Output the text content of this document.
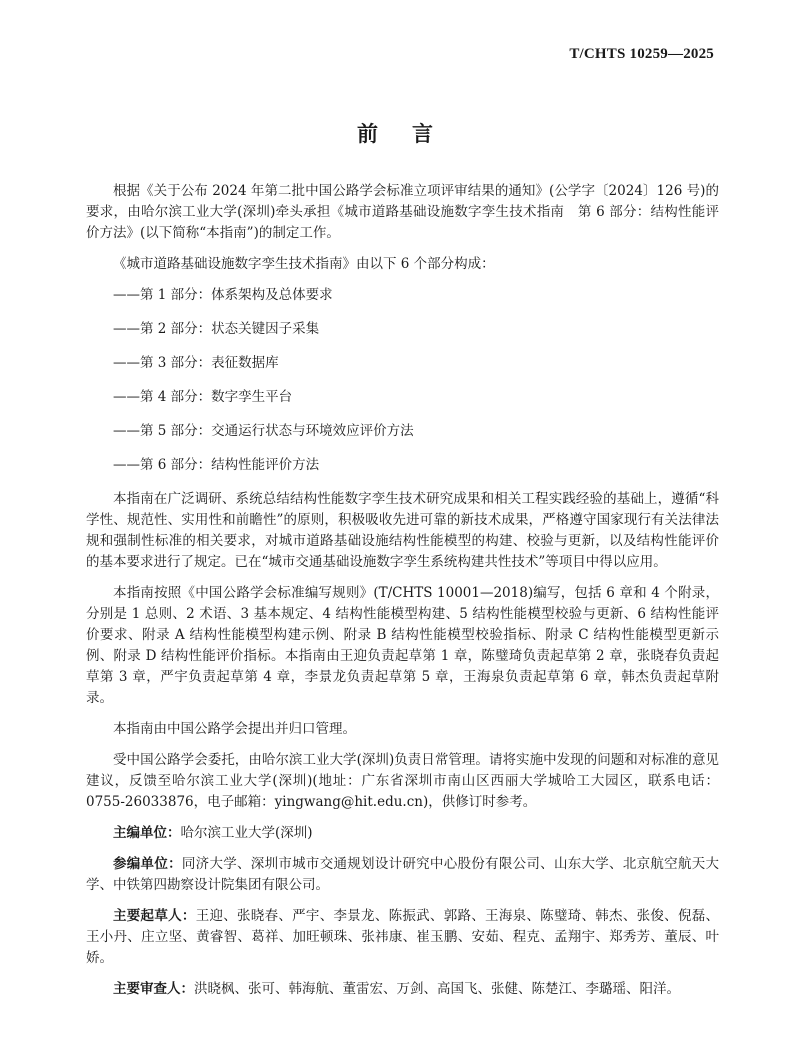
T/CHTS 10259—2025
前言

根据《关于公布 2024 年第二批中国公路学会标准立项评审结果的通知》(公学字〔2024〕126 号)的要求，由哈尔滨工业大学(深圳)牵头承担《城市道路基础设施数字孪生技术指南　第 6 部分：结构性能评价方法》(以下简称“本指南”)的制定工作。

《城市道路基础设施数字孪生技术指南》由以下 6 个部分构成：

——第 1 部分：体系架构及总体要求

——第 2 部分：状态关键因子采集

——第 3 部分：表征数据库

——第 4 部分：数字孪生平台

——第 5 部分：交通运行状态与环境效应评价方法

——第 6 部分：结构性能评价方法

本指南在广泛调研、系统总结结构性能数字孪生技术研究成果和相关工程实践经验的基础上，遵循“科学性、规范性、实用性和前瞻性”的原则，积极吸收先进可靠的新技术成果，严格遵守国家现行有关法律法规和强制性标准的相关要求，对城市道路基础设施结构性能模型的构建、校验与更新，以及结构性能评价的基本要求进行了规定。已在“城市交通基础设施数字孪生系统构建共性技术”等项目中得以应用。

本指南按照《中国公路学会标准编写规则》(T/CHTS 10001—2018)编写，包括 6 章和 4 个附录，分别是 1 总则、2 术语、3 基本规定、4 结构性能模型构建、5 结构性能模型校验与更新、6 结构性能评价要求、附录 A 结构性能模型构建示例、附录 B 结构性能模型校验指标、附录 C 结构性能模型更新示例、附录 D 结构性能评价指标。本指南由王迎负责起草第 1 章，陈璧琦负责起草第 2 章，张晓春负责起草第 3 章，严宇负责起草第 4 章，李景龙负责起草第 5 章，王海泉负责起草第 6 章，韩杰负责起草附录。

本指南由中国公路学会提出并归口管理。

受中国公路学会委托，由哈尔滨工业大学(深圳)负责日常管理。请将实施中发现的问题和对标准的意见建议，反馈至哈尔滨工业大学(深圳)(地址：广东省深圳市南山区西丽大学城哈工大园区，联系电话：0755-26033876，电子邮箱：yingwang@hit.edu.cn)，供修订时参考。

主编单位：哈尔滨工业大学(深圳)

参编单位：同济大学、深圳市城市交通规划设计研究中心股份有限公司、山东大学、北京航空航天大学、中铁第四勘察设计院集团有限公司。

主要起草人：王迎、张晓春、严宇、李景龙、陈振武、郭路、王海泉、陈璧琦、韩杰、张俊、倪磊、王小丹、庄立坚、黄睿智、葛祥、加旺顿珠、张祎康、崔玉鹏、安茹、程克、孟翔宇、郑秀芳、董辰、叶娇。

主要审查人：洪晓枫、张可、韩海航、董雷宏、万剑、高国飞、张健、陈楚江、李璐瑶、阳洋。
